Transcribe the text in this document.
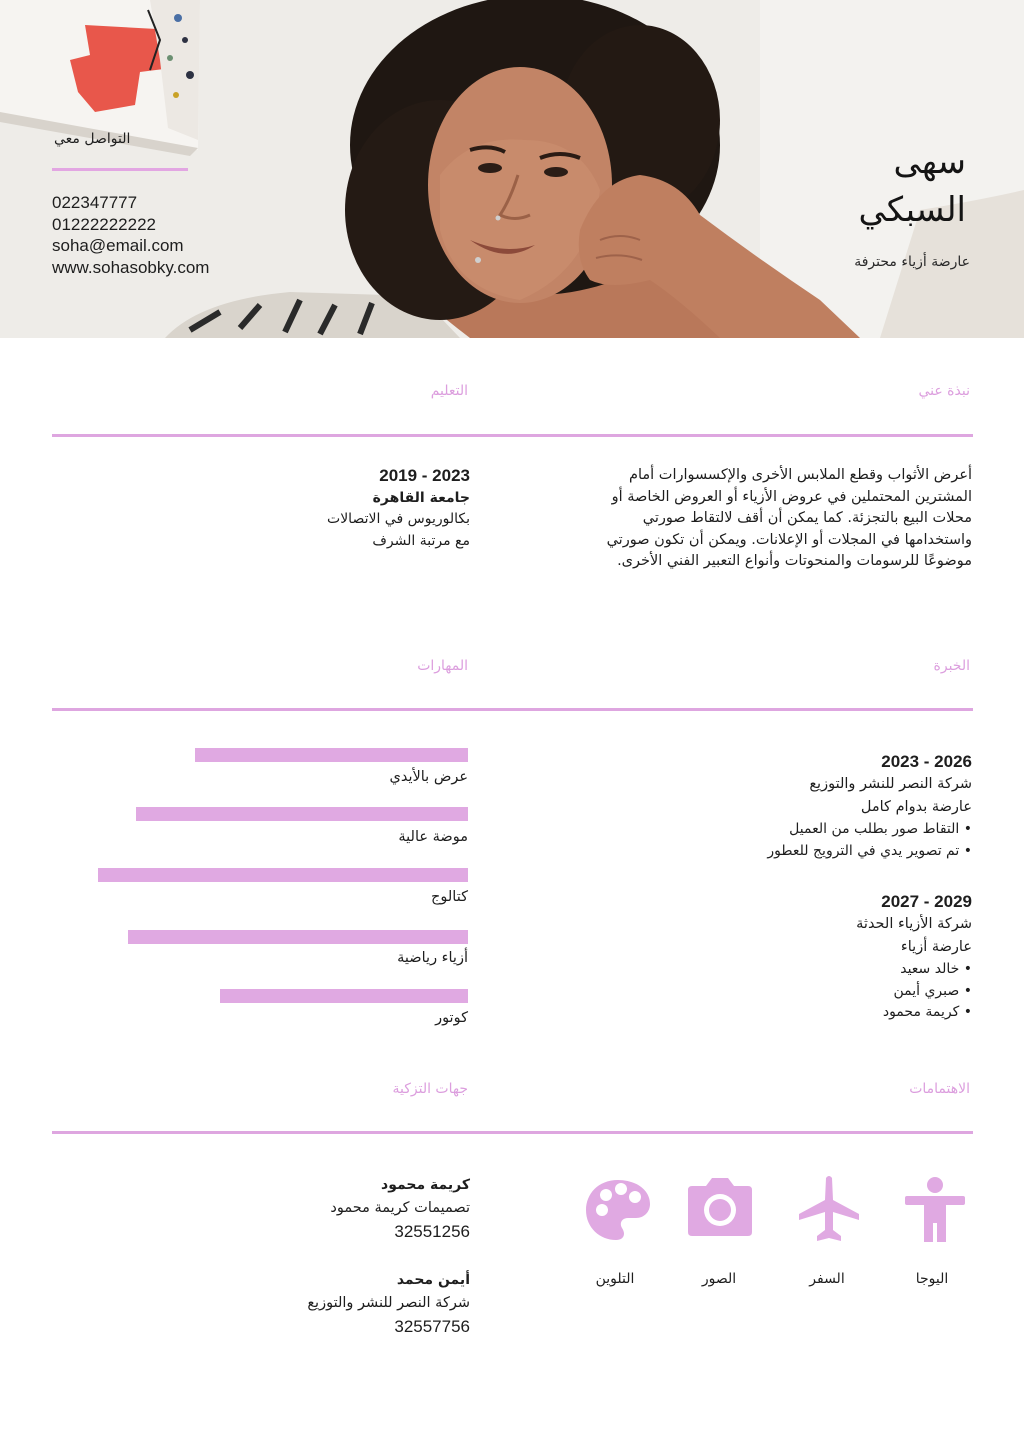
التواصل معي
022347777
01222222222
soha@email.com
www.sohasobky.com
سهى
السبكي
عارضة أزياء محترفة
نبذة عني
التعليم
أعرض الأثواب وقطع الملابس الأخرى والإكسسوارات أمام المشترين المحتملين في عروض الأزياء أو العروض الخاصة أو محلات البيع بالتجزئة. كما يمكن أن أقف لالتقاط صورتي واستخدامها في المجلات أو الإعلانات. ويمكن أن تكون صورتي موضوعًا للرسومات والمنحوتات وأنواع التعبير الفني الأخرى.
2023 - 2019
جامعة القاهرة
بكالوريوس في الاتصالات
مع مرتبة الشرف
الخبرة
المهارات
2026 - 2023
شركة النصر للنشر والتوزيع
عارضة بدوام كامل
• التقاط صور بطلب من العميل
• تم تصوير يدي في الترويج للعطور
2029 - 2027
شركة الأزياء الحدثة
عارضة أزياء
• خالد سعيد
• صبري أيمن
• كريمة محمود
عرض بالأيدي
موضة عالية
كتالوج
أزياء رياضية
كوتور
الاهتمامات
جهات التزكية
اليوجا
السفر
الصور
التلوين
كريمة محمود
تصميمات كريمة محمود
32551256
أيمن محمد
شركة النصر للنشر والتوزيع
32557756
